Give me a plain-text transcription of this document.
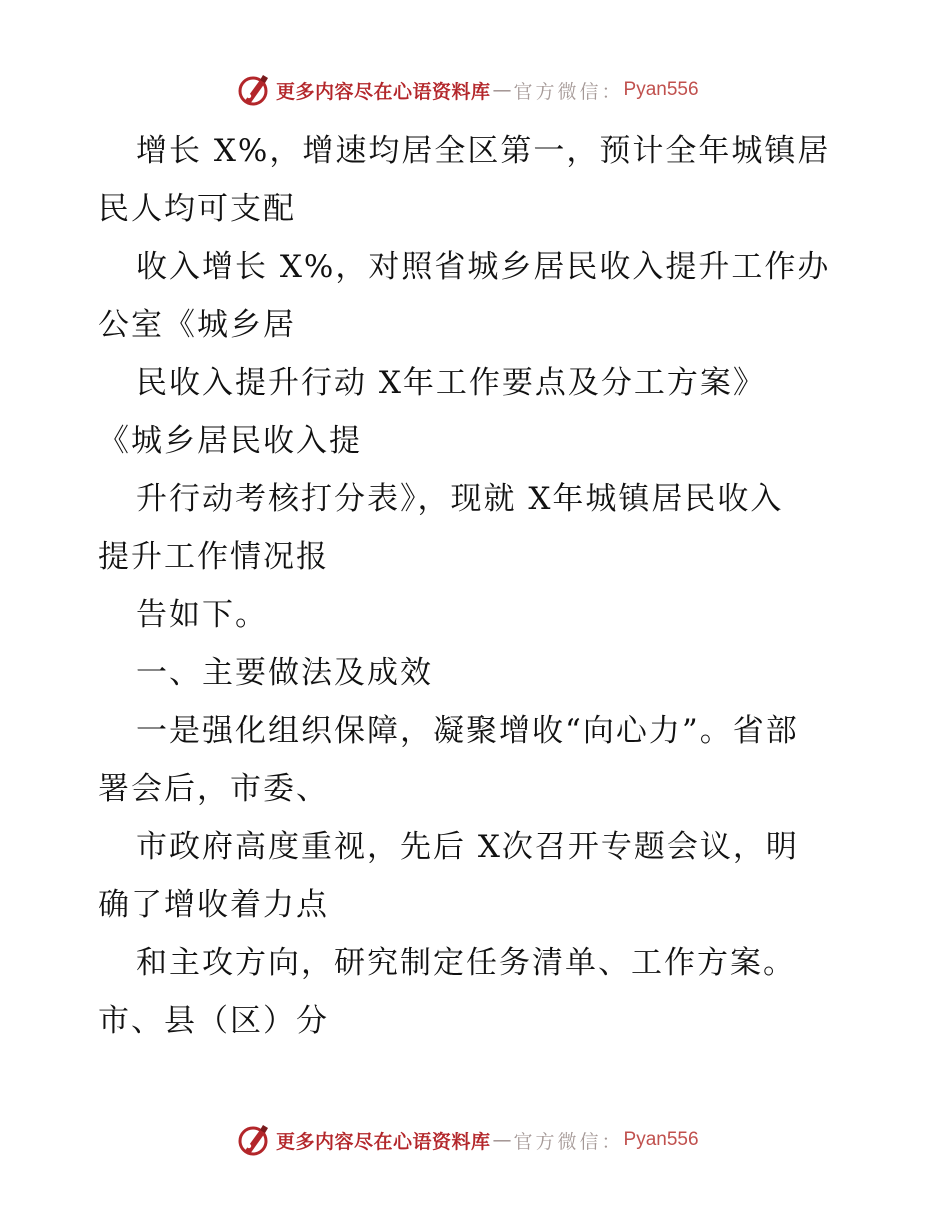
更多内容尽在心语资料库 — 官方微信： Pyan556
增长 X%，增速均居全区第一，预计全年城镇居
民人均可支配
收入增长 X%，对照省城乡居民收入提升工作办
公室《城乡居
民收入提升行动 X年工作要点及分工方案》
《城乡居民收入提
升行动考核打分表》，现就 X年城镇居民收入
提升工作情况报
告如下。
一、主要做法及成效
一是强化组织保障，凝聚增收“向心力”。省部
署会后，市委、
市政府高度重视，先后 X次召开专题会议，明
确了增收着力点
和主攻方向，研究制定任务清单、工作方案。
市、县（区）分
更多内容尽在心语资料库 — 官方微信： Pyan556
